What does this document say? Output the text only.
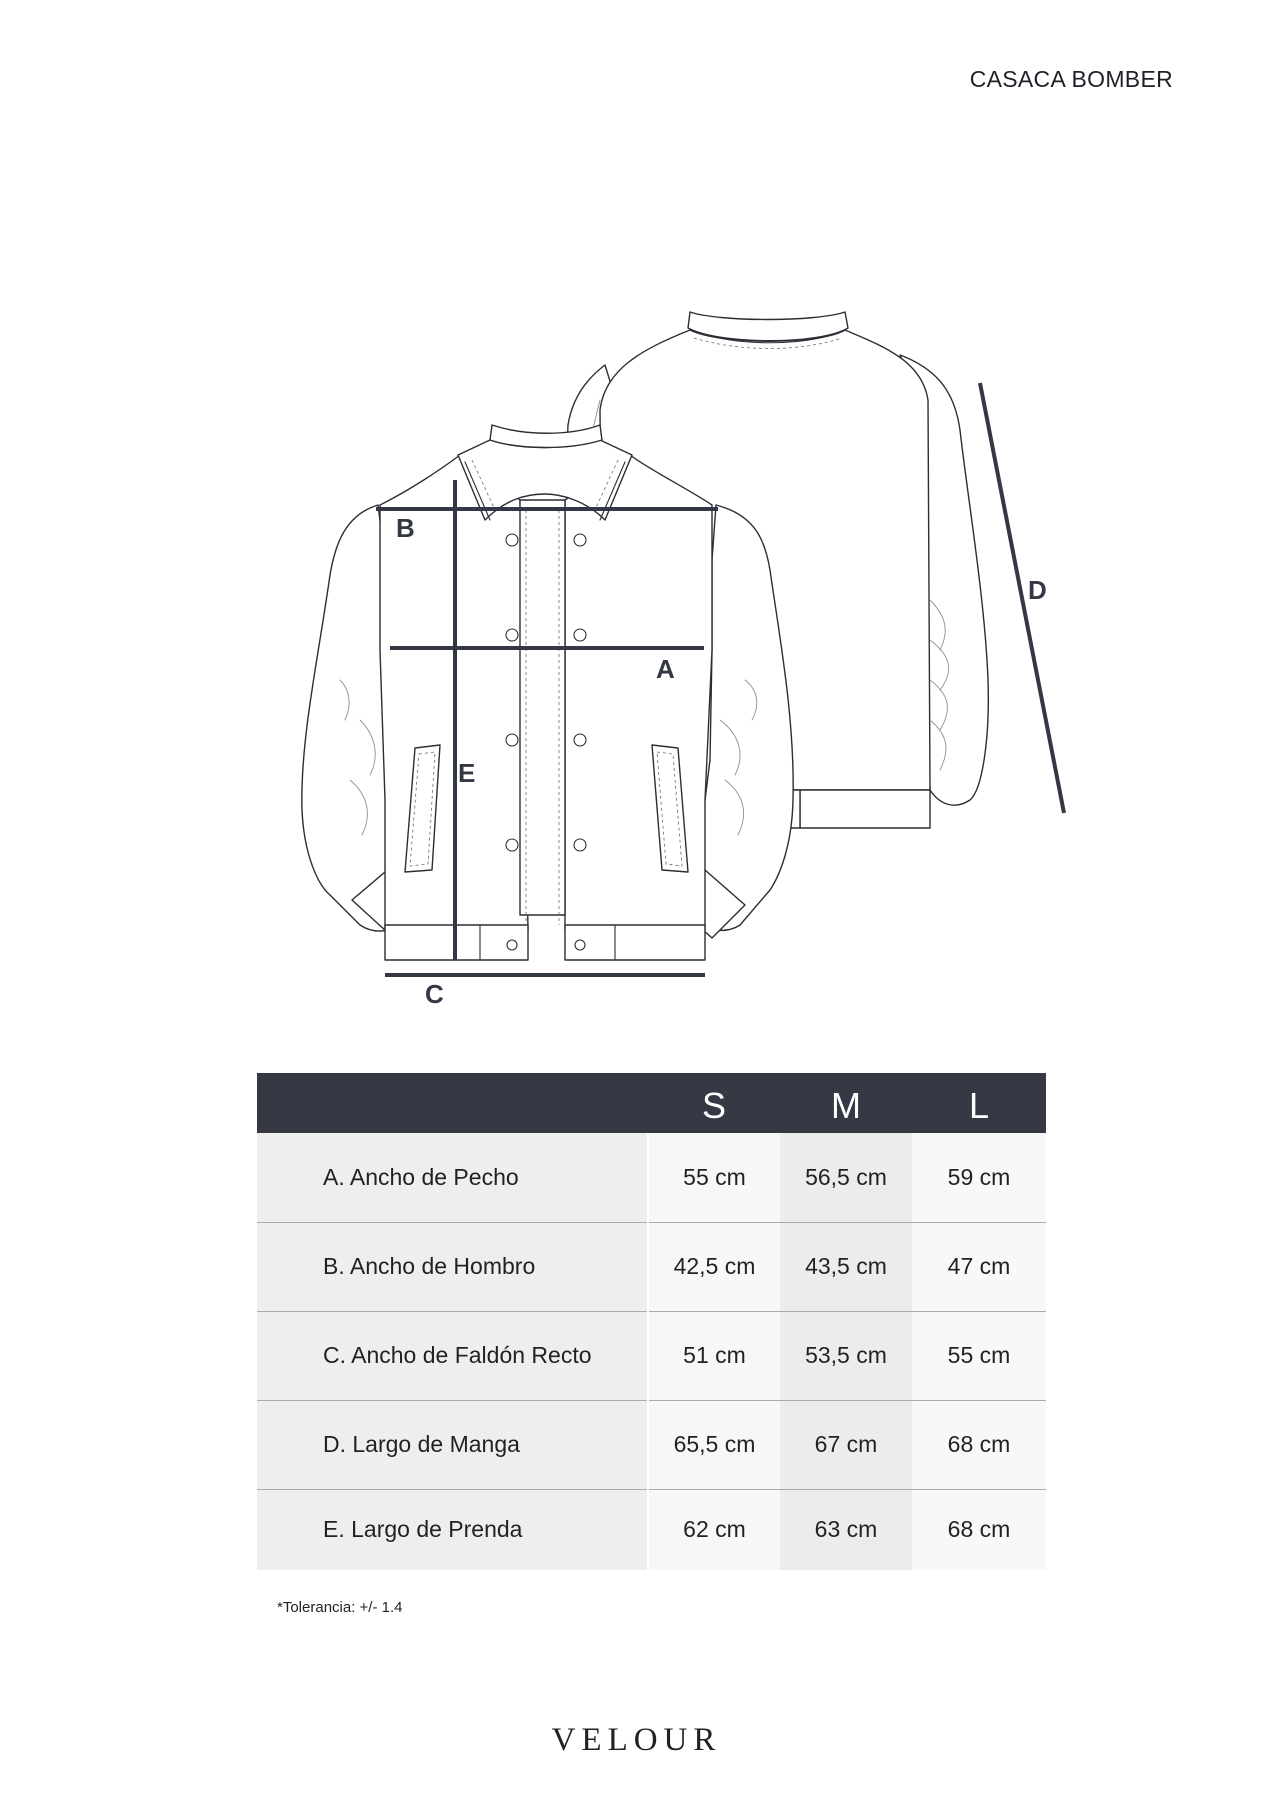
CASACA BOMBER
B
A
E
C
D
	S	M	L
A. Ancho de Pecho	55 cm	56,5 cm	59 cm
B. Ancho de Hombro	42,5 cm	43,5 cm	47 cm
C. Ancho de Faldón Recto	51 cm	53,5 cm	55 cm
D. Largo de Manga	65,5 cm	67 cm	68 cm
E. Largo de Prenda	62 cm	63 cm	68 cm
*Tolerancia: +/- 1.4
VELOUR
